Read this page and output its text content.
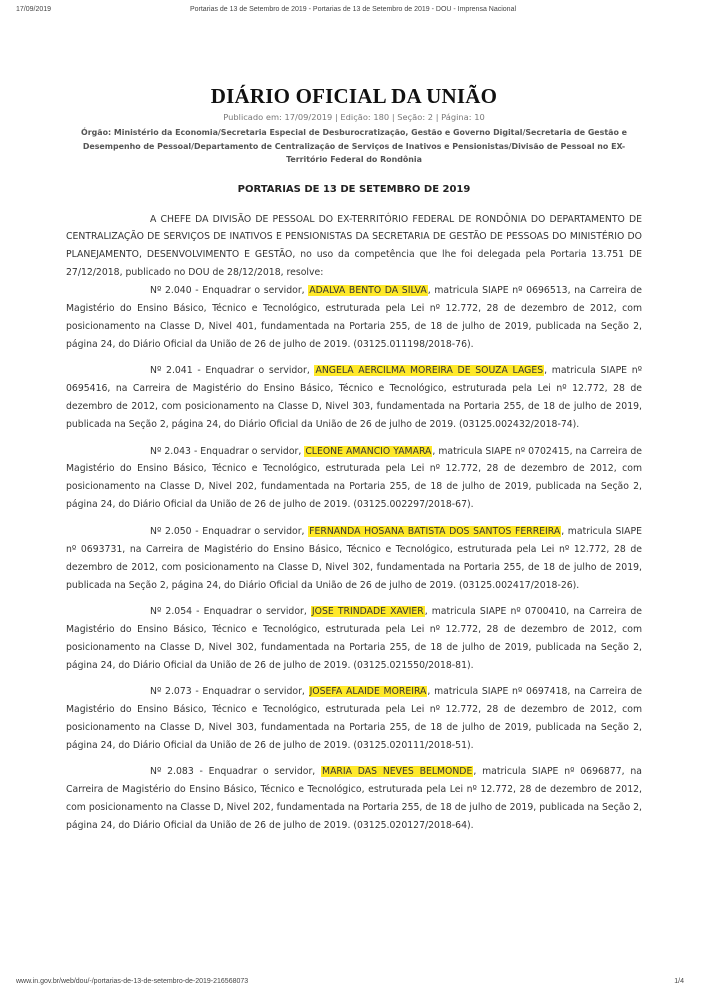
17/09/2019	Portarias de 13 de Setembro de 2019 - Portarias de 13 de Setembro de 2019 - DOU - Imprensa Nacional
DIÁRIO OFICIAL DA UNIÃO
Publicado em: 17/09/2019 | Edição: 180 | Seção: 2 | Página: 10
Órgão: Ministério da Economia/Secretaria Especial de Desburocratização, Gestão e Governo Digital/Secretaria de Gestão e Desempenho de Pessoal/Departamento de Centralização de Serviços de Inativos e Pensionistas/Divisão de Pessoal no EX-Território Federal do Rondônia
PORTARIAS DE 13 DE SETEMBRO DE 2019

A CHEFE DA DIVISÃO DE PESSOAL DO EX-TERRITÓRIO FEDERAL DE RONDÔNIA DO DEPARTAMENTO DE CENTRALIZAÇÃO DE SERVIÇOS DE INATIVOS E PENSIONISTAS DA SECRETARIA DE GESTÃO DE PESSOAS DO MINISTÉRIO DO PLANEJAMENTO, DESENVOLVIMENTO E GESTÃO, no uso da competência que lhe foi delegada pela Portaria 13.751 DE 27/12/2018, publicado no DOU de 28/12/2018, resolve:

Nº 2.040 - Enquadrar o servidor, ADALVA BENTO DA SILVA, matricula SIAPE nº 0696513, na Carreira de Magistério do Ensino Básico, Técnico e Tecnológico, estruturada pela Lei nº 12.772, 28 de dezembro de 2012, com posicionamento na Classe D, Nivel 401, fundamentada na Portaria 255, de 18 de julho de 2019, publicada na Seção 2, página 24, do Diário Oficial da União de 26 de julho de 2019. (03125.011198/2018-76).

Nº 2.041 - Enquadrar o servidor, ANGELA AERCILMA MOREIRA DE SOUZA LAGES, matricula SIAPE nº 0695416, na Carreira de Magistério do Ensino Básico, Técnico e Tecnológico, estruturada pela Lei nº 12.772, 28 de dezembro de 2012, com posicionamento na Classe D, Nivel 303, fundamentada na Portaria 255, de 18 de julho de 2019, publicada na Seção 2, página 24, do Diário Oficial da União de 26 de julho de 2019. (03125.002432/2018-74).

Nº 2.043 - Enquadrar o servidor, CLEONE AMANCIO YAMARA, matricula SIAPE nº 0702415, na Carreira de Magistério do Ensino Básico, Técnico e Tecnológico, estruturada pela Lei nº 12.772, 28 de dezembro de 2012, com posicionamento na Classe D, Nivel 202, fundamentada na Portaria 255, de 18 de julho de 2019, publicada na Seção 2, página 24, do Diário Oficial da União de 26 de julho de 2019. (03125.002297/2018-67).

Nº 2.050 - Enquadrar o servidor, FERNANDA HOSANA BATISTA DOS SANTOS FERREIRA, matricula SIAPE nº 0693731, na Carreira de Magistério do Ensino Básico, Técnico e Tecnológico, estruturada pela Lei nº 12.772, 28 de dezembro de 2012, com posicionamento na Classe D, Nivel 302, fundamentada na Portaria 255, de 18 de julho de 2019, publicada na Seção 2, página 24, do Diário Oficial da União de 26 de julho de 2019. (03125.002417/2018-26).

Nº 2.054 - Enquadrar o servidor, JOSE TRINDADE XAVIER, matricula SIAPE nº 0700410, na Carreira de Magistério do Ensino Básico, Técnico e Tecnológico, estruturada pela Lei nº 12.772, 28 de dezembro de 2012, com posicionamento na Classe D, Nivel 302, fundamentada na Portaria 255, de 18 de julho de 2019, publicada na Seção 2, página 24, do Diário Oficial da União de 26 de julho de 2019. (03125.021550/2018-81).

Nº 2.073 - Enquadrar o servidor, JOSEFA ALAIDE MOREIRA, matricula SIAPE nº 0697418, na Carreira de Magistério do Ensino Básico, Técnico e Tecnológico, estruturada pela Lei nº 12.772, 28 de dezembro de 2012, com posicionamento na Classe D, Nivel 303, fundamentada na Portaria 255, de 18 de julho de 2019, publicada na Seção 2, página 24, do Diário Oficial da União de 26 de julho de 2019. (03125.020111/2018-51).

Nº 2.083 - Enquadrar o servidor, MARIA DAS NEVES BELMONDE, matricula SIAPE nº 0696877, na Carreira de Magistério do Ensino Básico, Técnico e Tecnológico, estruturada pela Lei nº 12.772, 28 de dezembro de 2012, com posicionamento na Classe D, Nivel 202, fundamentada na Portaria 255, de 18 de julho de 2019, publicada na Seção 2, página 24, do Diário Oficial da União de 26 de julho de 2019. (03125.020127/2018-64).

www.in.gov.br/web/dou/-/portarias-de-13-de-setembro-de-2019-216568073	1/4
